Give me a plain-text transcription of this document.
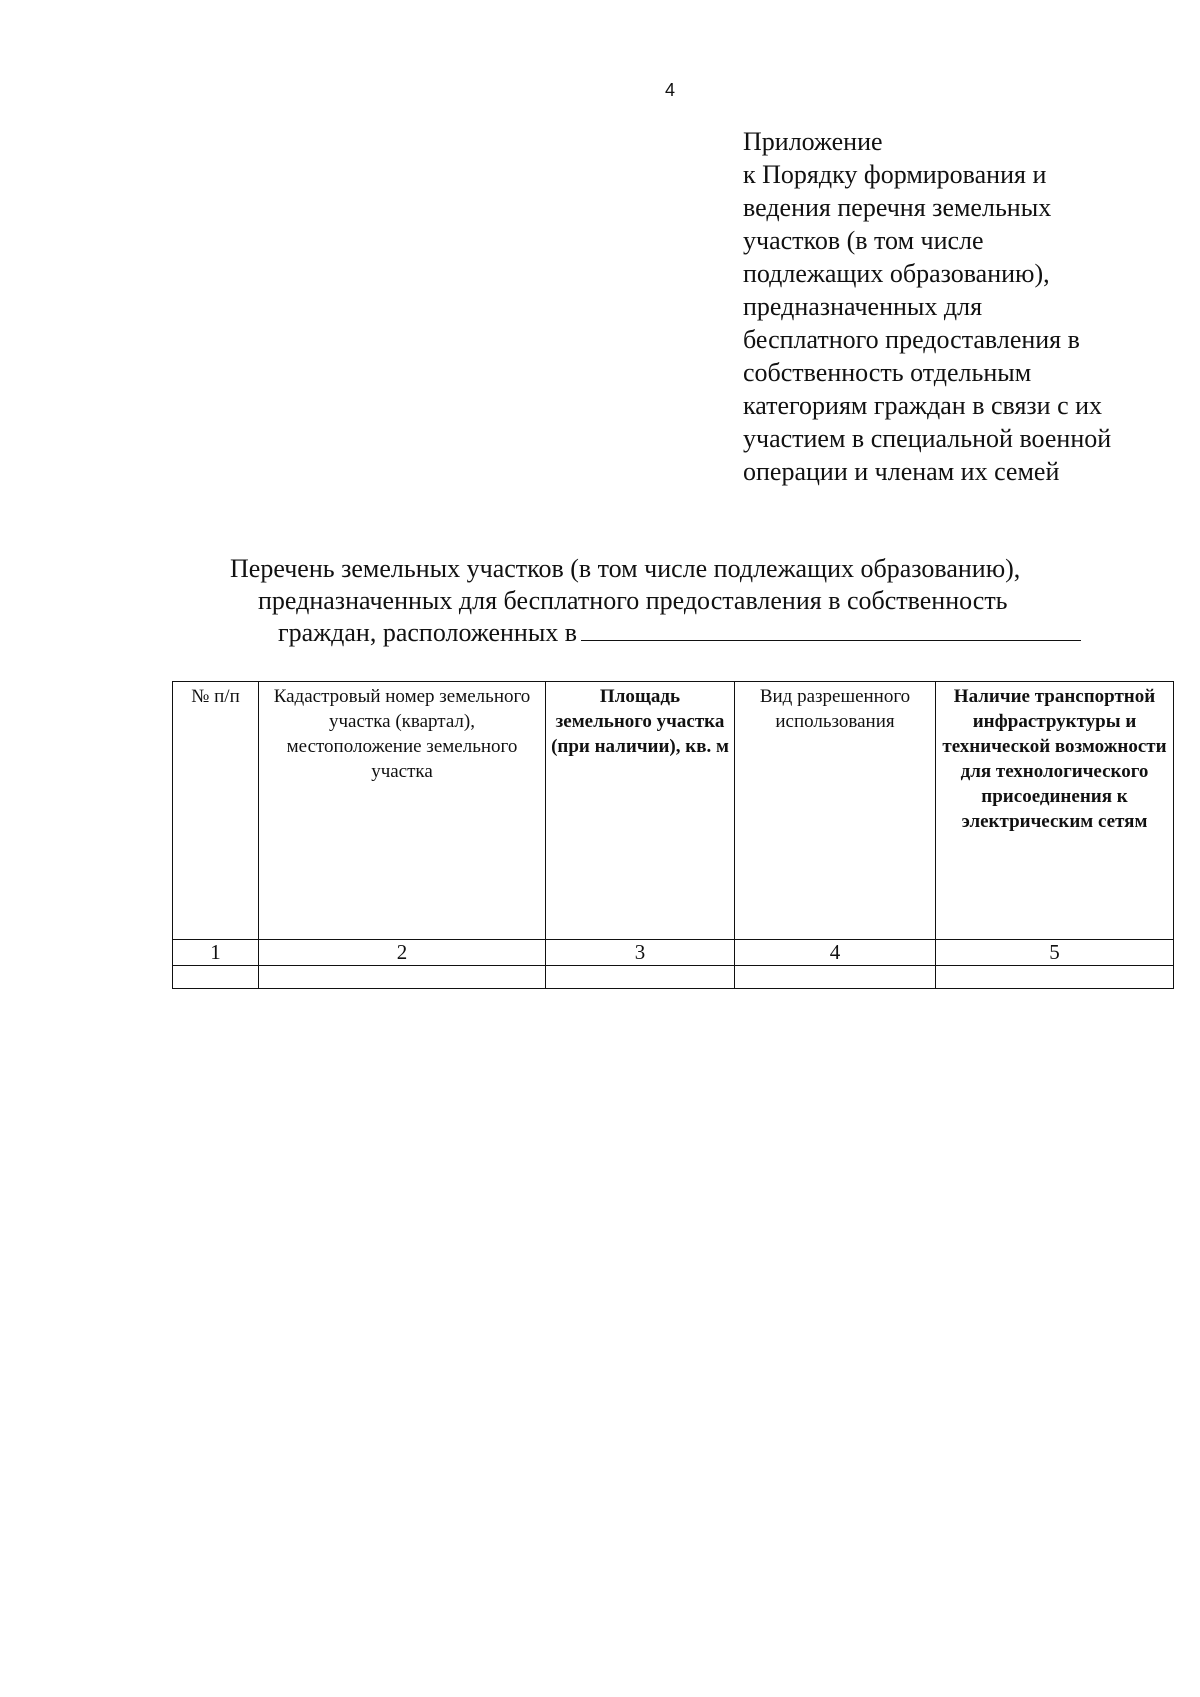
4
Приложение
к Порядку формирования и
ведения перечня земельных
участков (в том числе
подлежащих образованию),
предназначенных для
бесплатного предоставления в
собственность отдельным
категориям граждан в связи с их
участием в специальной военной
операции и членам их семей
Перечень земельных участков (в том числе подлежащих образованию),
предназначенных для бесплатного предоставления в собственность
граждан, расположенных в
№ п/п	Кадастровый номер земельного участка (квартал), местоположение земельного участка	Площадь земельного участка (при наличии), кв. м	Вид разрешенного использования	Наличие транспортной инфраструктуры и технической возможности для технологического присоединения к электрическим сетям
1	2	3	4	5
